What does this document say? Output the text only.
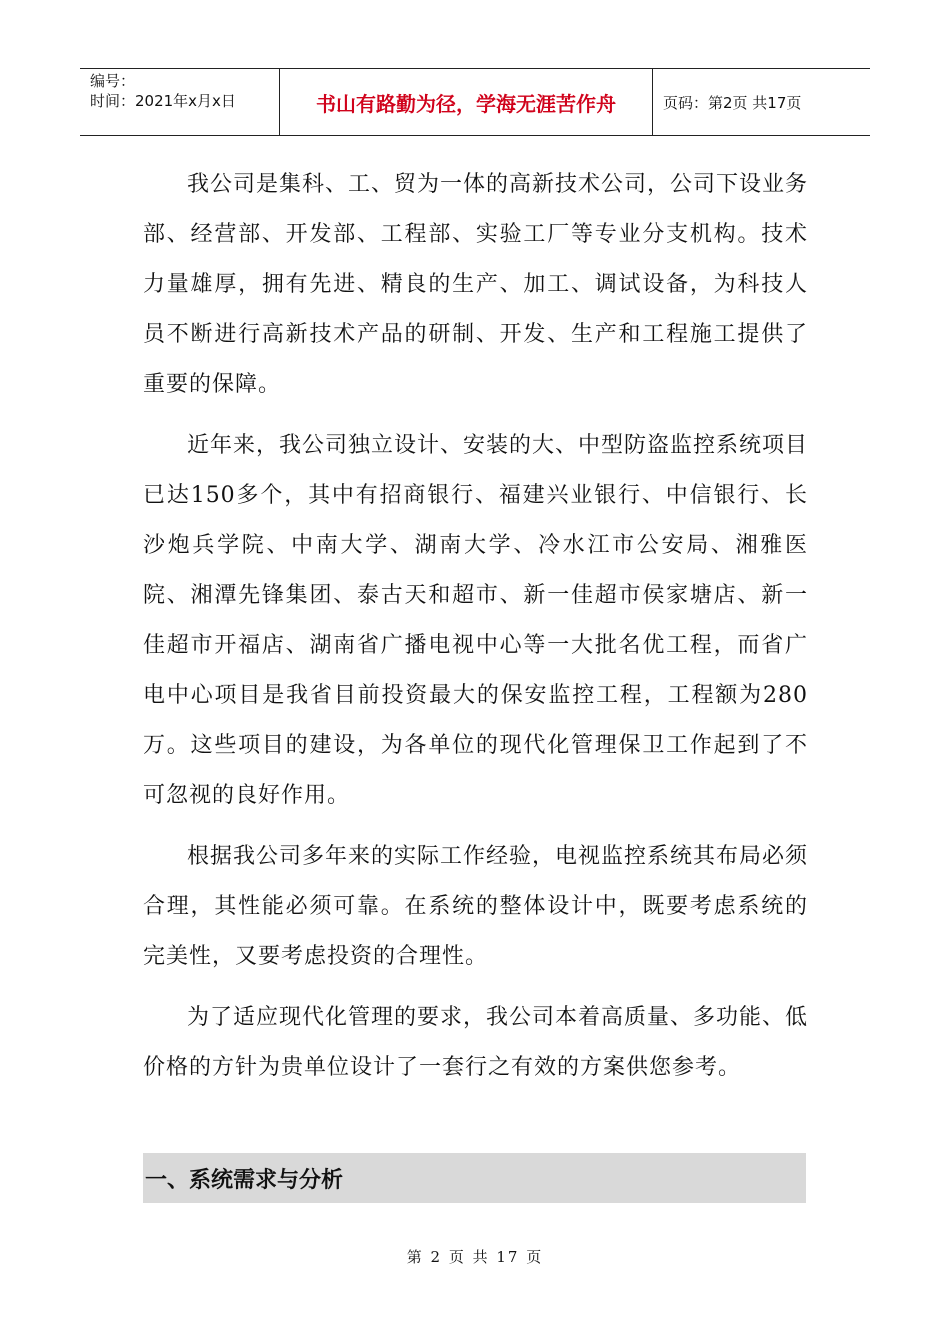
编号：
时间：2021年x月x日	书山有路勤为径，学海无涯苦作舟	页码：第2页 共17页

我公司是集科、工、贸为一体的高新技术公司，公司下设业务部、经营部、开发部、工程部、实验工厂等专业分支机构。技术力量雄厚，拥有先进、精良的生产、加工、调试设备，为科技人员不断进行高新技术产品的研制、开发、生产和工程施工提供了重要的保障。

近年来，我公司独立设计、安装的大、中型防盗监控系统项目已达150多个，其中有招商银行、福建兴业银行、中信银行、长沙炮兵学院、中南大学、湖南大学、冷水江市公安局、湘雅医院、湘潭先锋集团、泰古天和超市、新一佳超市侯家塘店、新一佳超市开福店、湖南省广播电视中心等一大批名优工程，而省广电中心项目是我省目前投资最大的保安监控工程，工程额为280万。这些项目的建设，为各单位的现代化管理保卫工作起到了不可忽视的良好作用。

根据我公司多年来的实际工作经验，电视监控系统其布局必须合理，其性能必须可靠。在系统的整体设计中，既要考虑系统的完美性，又要考虑投资的合理性。

为了适应现代化管理的要求，我公司本着高质量、多功能、低价格的方针为贵单位设计了一套行之有效的方案供您参考。

一、系统需求与分析
第 2 页 共 17 页
